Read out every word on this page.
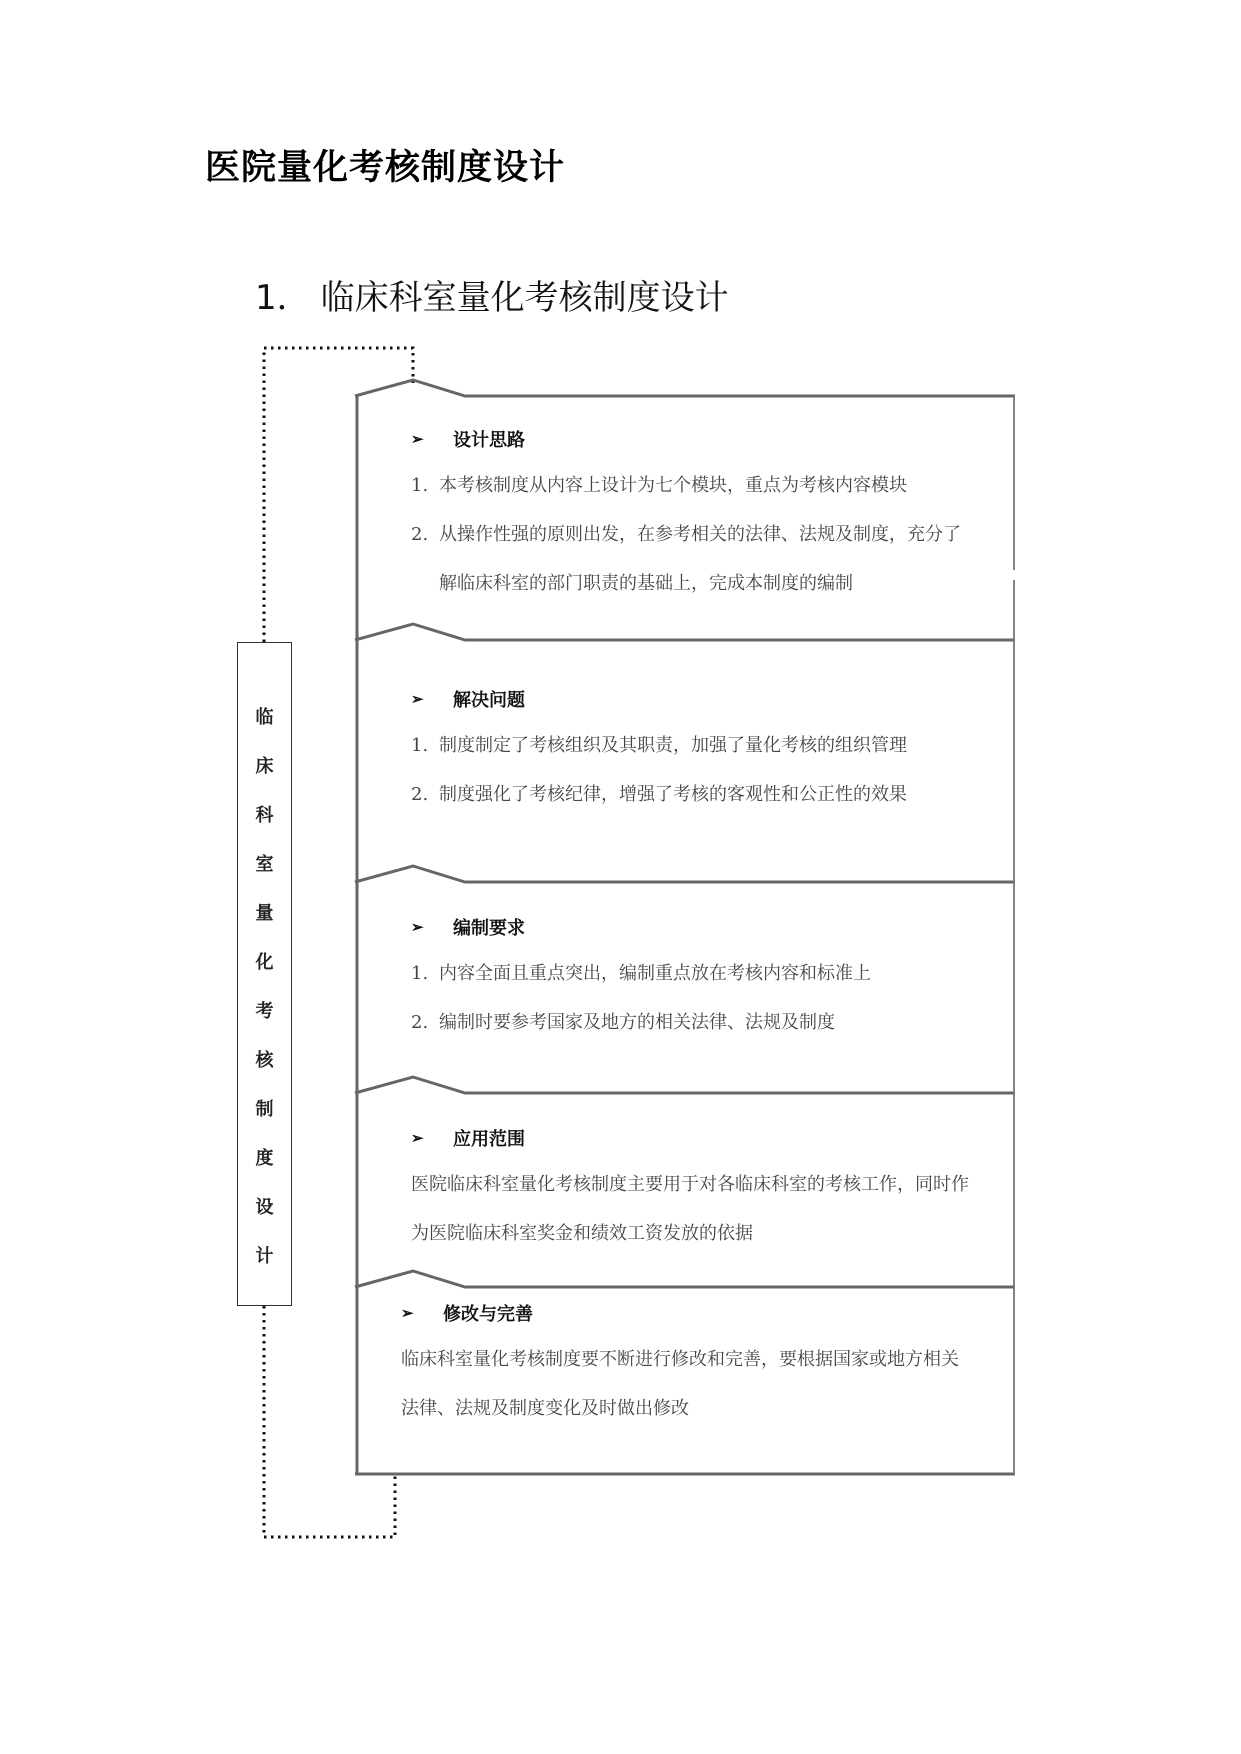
医院量化考核制度设计
1． 临床科室量化考核制度设计
临
床
科
室
量
化
考
核
制
度
设
计
➢	设计思路
1. 本考核制度从内容上设计为七个模块，重点为考核内容模块
2. 从操作性强的原则出发，在参考相关的法律、法规及制度，充分了
解临床科室的部门职责的基础上，完成本制度的编制
➢	解决问题
1. 制度制定了考核组织及其职责，加强了量化考核的组织管理
2. 制度强化了考核纪律，增强了考核的客观性和公正性的效果
➢	编制要求
1. 内容全面且重点突出，编制重点放在考核内容和标准上
2. 编制时要参考国家及地方的相关法律、法规及制度
➢	应用范围
医院临床科室量化考核制度主要用于对各临床科室的考核工作，同时作
为医院临床科室奖金和绩效工资发放的依据
➢	修改与完善
临床科室量化考核制度要不断进行修改和完善，要根据国家或地方相关
法律、法规及制度变化及时做出修改
